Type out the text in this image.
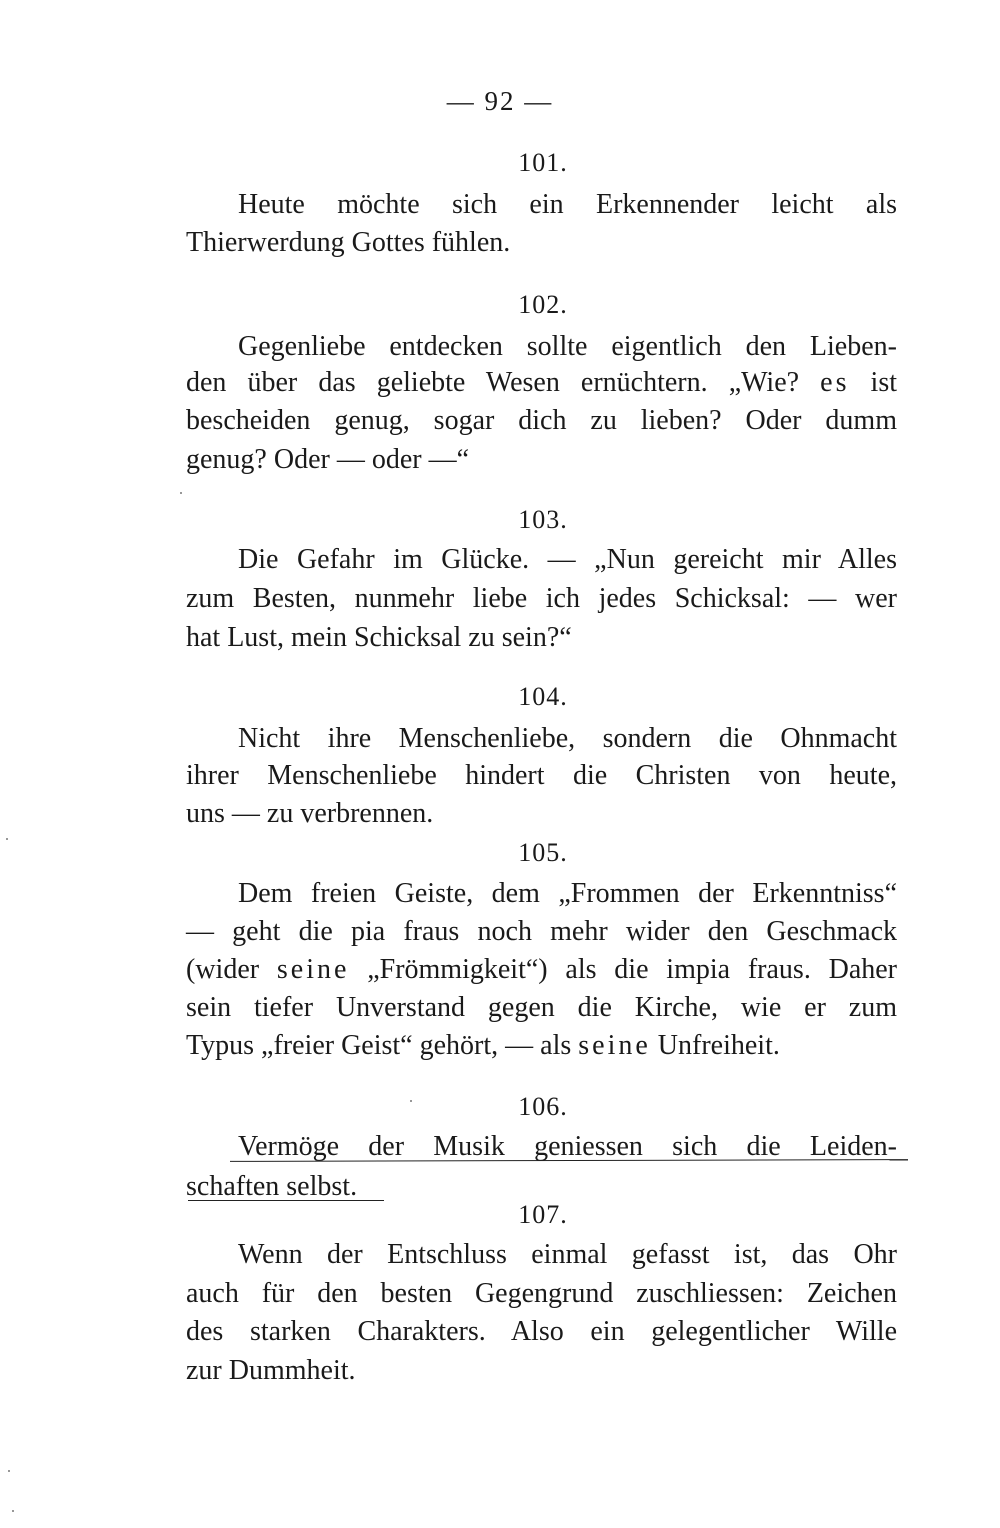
— 92 —
101.
Heute möchte sich ein Erkennender leicht als
Thierwerdung Gottes fühlen.
102.
Gegenliebe entdecken sollte eigentlich den Lieben-
den über das geliebte Wesen ernüchtern. „Wie? es ist
bescheiden genug, sogar dich zu lieben? Oder dumm
genug? Oder — oder —“
103.
Die Gefahr im Glücke. — „Nun gereicht mir Alles
zum Besten, nunmehr liebe ich jedes Schicksal: — wer
hat Lust, mein Schicksal zu sein?“
104.
Nicht ihre Menschenliebe, sondern die Ohnmacht
ihrer Menschenliebe hindert die Christen von heute,
uns — zu verbrennen.
105.
Dem freien Geiste, dem „Frommen der Erkenntniss“
— geht die pia fraus noch mehr wider den Geschmack
(wider seine „Frömmigkeit“) als die impia fraus. Daher
sein tiefer Unverstand gegen die Kirche, wie er zum
Typus „freier Geist“ gehört, — als seine Unfreiheit.
106.
Vermöge der Musik geniessen sich die Leiden-
schaften selbst.
107.
Wenn der Entschluss einmal gefasst ist, das Ohr
auch für den besten Gegengrund zuschliessen: Zeichen
des starken Charakters. Also ein gelegentlicher Wille
zur Dummheit.
